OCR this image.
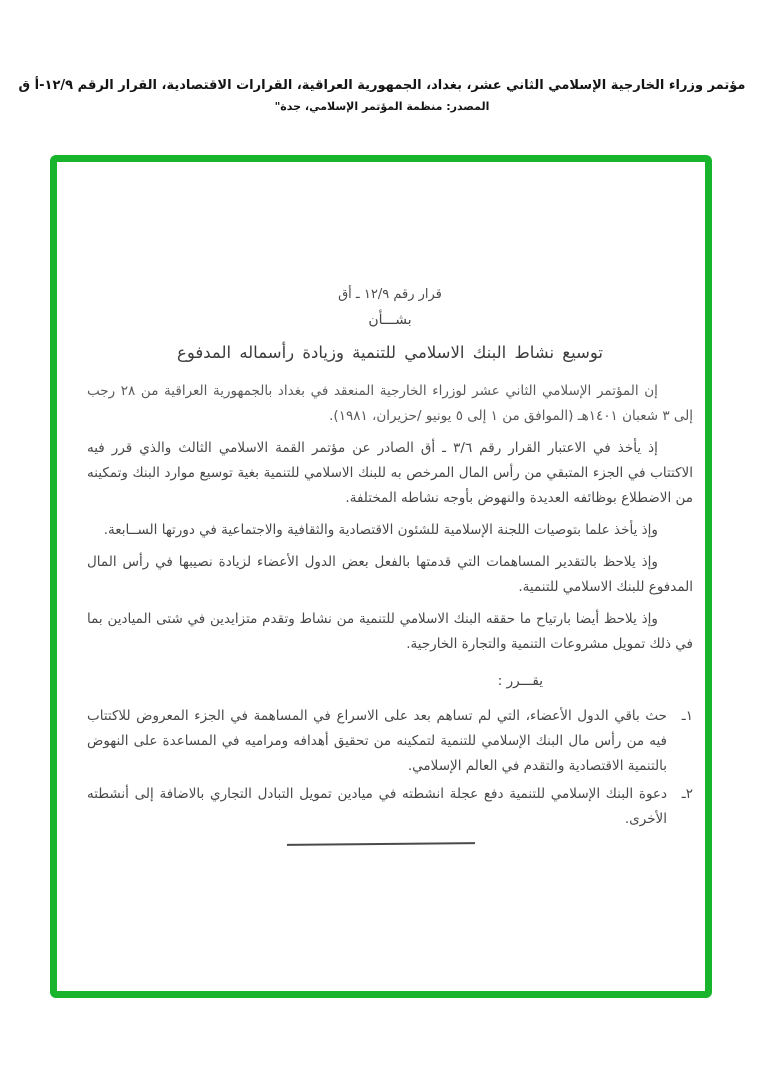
مؤتمر وزراء الخارجية الإسلامي الثاني عشر، بغداد، الجمهورية العراقية، القرارات الاقتصادية، القرار الرقم ١٢/٩-أ ق
المصدر: منظمة المؤتمر الإسلامي، جدة"
قرار رقم ١٢/٩ ـ أق
بشـــأن
توسيع نشاط البنك الاسلامي للتنمية وزيادة رأسماله المدفوع

إن المؤتمر الإسلامي الثاني عشر لوزراء الخارجية المنعقد في بغداد بالجمهورية العراقية من ٢٨ رجب إلى ٣ شعبان ١٤٠١هـ (الموافق من ١ إلى ٥ يونيو /حزيران، ١٩٨١).

إذ يأخذ في الاعتبار القرار رقم ٣/٦ ـ أق الصادر عن مؤتمر القمة الاسلامي الثالث والذي قرر فيه الاكتتاب في الجزء المتبقي من رأس المال المرخص به للبنك الاسلامي للتنمية بغية توسيع موارد البنك وتمكينه من الاضطلاع بوظائفه العديدة والنهوض بأوجه نشاطه المختلفة.

وإذ يأخذ علما بتوصيات اللجنة الإسلامية للشئون الاقتصادية والثقافية والاجتماعية في دورتها الســابعة.

وإذ يلاحظ بالتقدير المساهمات التي قدمتها بالفعل بعض الدول الأعضاء لزيادة نصيبها في رأس المال المدفوع للبنك الاسلامي للتنمية.

وإذ يلاحظ أيضا بارتياح ما حققه البنك الاسلامي للتنمية من نشاط وتقدم متزايدين في شتى الميادين بما في ذلك تمويل مشروعات التنمية والتجارة الخارجية.

يقـــرر :
١ـ
حث باقي الدول الأعضاء، التي لم تساهم بعد على الاسراع في المساهمة في الجزء المعروض للاكتتاب فيه من رأس مال البنك الإسلامي للتنمية لتمكينه من تحقيق أهدافه ومراميه في المساعدة على النهوض بالتنمية الاقتصادية والتقدم في العالم الإسلامي.
٢ـ
دعوة البنك الإسلامي للتنمية دفع عجلة انشطته في ميادين تمويل التبادل التجاري بالاضافة إلى أنشطته الأخرى.
